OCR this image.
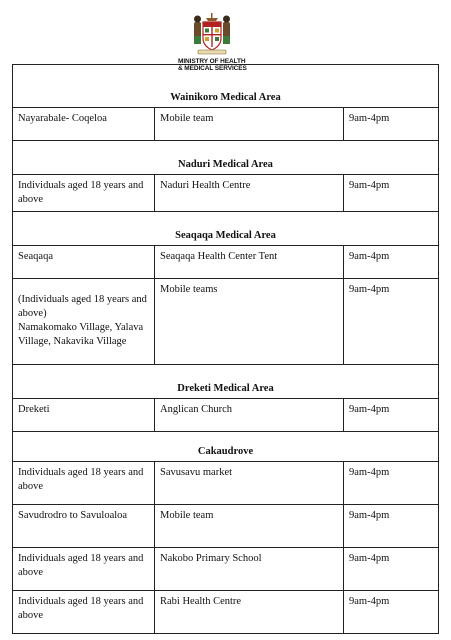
MINISTRY OF HEALTH
& MEDICAL SERVICES
Wainikoro Medical Area		
Nayarabale- Coqeloa	Mobile team	9am-4pm
Naduri Medical Area		
Individuals aged 18 years and above	Naduri Health Centre	9am-4pm
Seaqaqa Medical Area		
Seaqaqa	Seaqaqa Health Center Tent	9am-4pm

(Individuals aged 18 years and above)
Namakomako Village, Yalava Village, Nakavika Village	Mobile teams	9am-4pm
Dreketi Medical Area		
Dreketi	Anglican Church	9am-4pm
Cakaudrove		
Individuals aged 18 years and above	Savusavu market	9am-4pm
Savudrodro to Savuloaloa	Mobile team	9am-4pm
Individuals aged 18 years and above	Nakobo Primary School	9am-4pm
Individuals aged 18 years and above	Rabi Health Centre	9am-4pm
